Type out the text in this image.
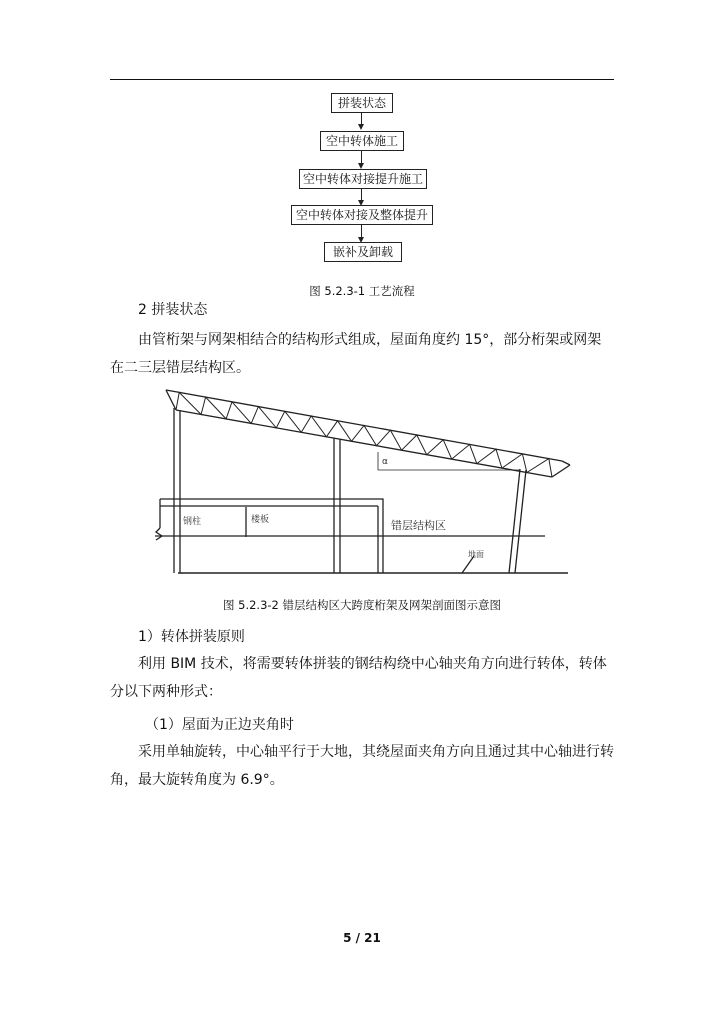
拼装状态
空中转体施工
空中转体对接提升施工
空中转体对接及整体提升
嵌补及卸载
图 5.2.3-1 工艺流程
2 拼装状态
由管桁架与网架相结合的结构形式组成，屋面角度约 15°，部分桁架或网架在二三层错层结构区。
钢柱	楼板	错层结构区
地面
α
图 5.2.3-2 错层结构区大跨度桁架及网架剖面图示意图
1）转体拼装原则
利用 BIM 技术，将需要转体拼装的钢结构绕中心轴夹角方向进行转体，转体分以下两种形式：
（1）屋面为正边夹角时
采用单轴旋转，中心轴平行于大地，其绕屋面夹角方向且通过其中心轴进行转角，最大旋转角度为 6.9°。
5 / 21
